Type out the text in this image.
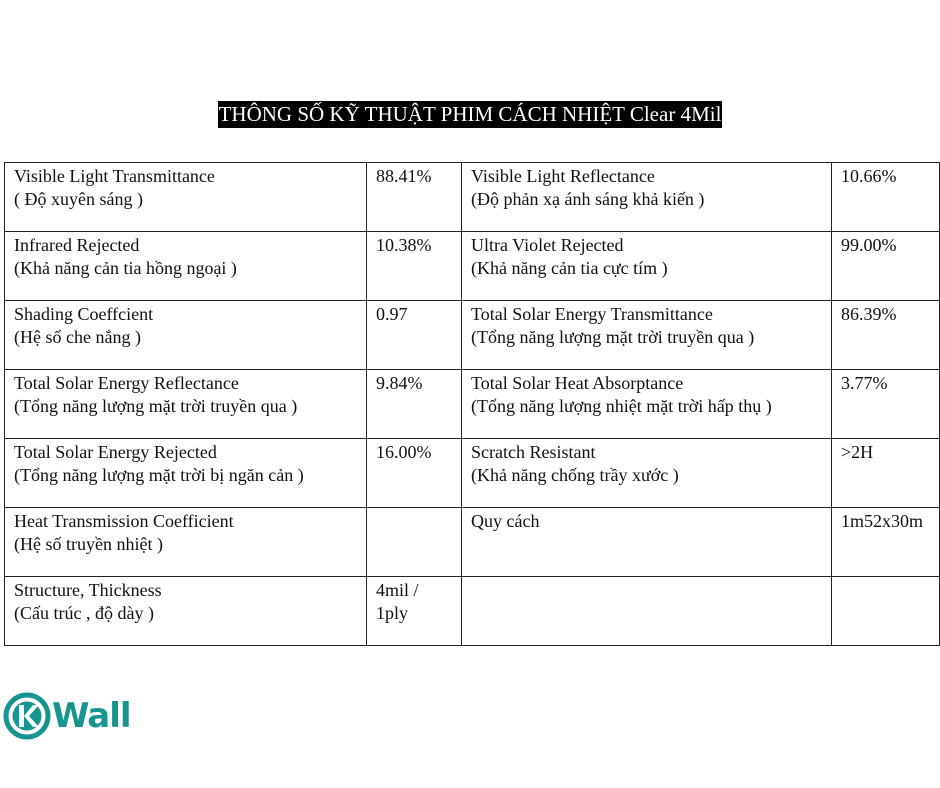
THÔNG SỐ KỸ THUẬT PHIM CÁCH NHIỆT Clear 4Mil
Visible Light Transmittance
( Độ xuyên sáng )	88.41%	Visible Light Reflectance
(Độ phản xạ ánh sáng khả kiến )	10.66%

Infrared Rejected
(Khả năng cản tia hồng ngoại )	10.38%	Ultra Violet Rejected
(Khả năng cản tia cực tím )	99.00%

Shading Coeffcient
(Hệ số che nắng )	0.97	Total Solar Energy Transmittance
(Tổng năng lượng mặt trời truyền qua )	86.39%

Total Solar Energy Reflectance
(Tổng năng lượng mặt trời truyền qua )	9.84%	Total Solar Heat Absorptance
(Tổng năng lượng nhiệt mặt trời hấp thụ )	3.77%

Total Solar Energy Rejected
(Tổng năng lượng mặt trời bị ngăn cản )	16.00%	Scratch Resistant
(Khả năng chống trầy xước )	>2H

Heat Transmission Coefficient
(Hệ số truyền nhiệt )		Quy cách	1m52x30m

Structure, Thickness
(Cấu trúc , độ dày )	4mil / 1ply		

Wall
